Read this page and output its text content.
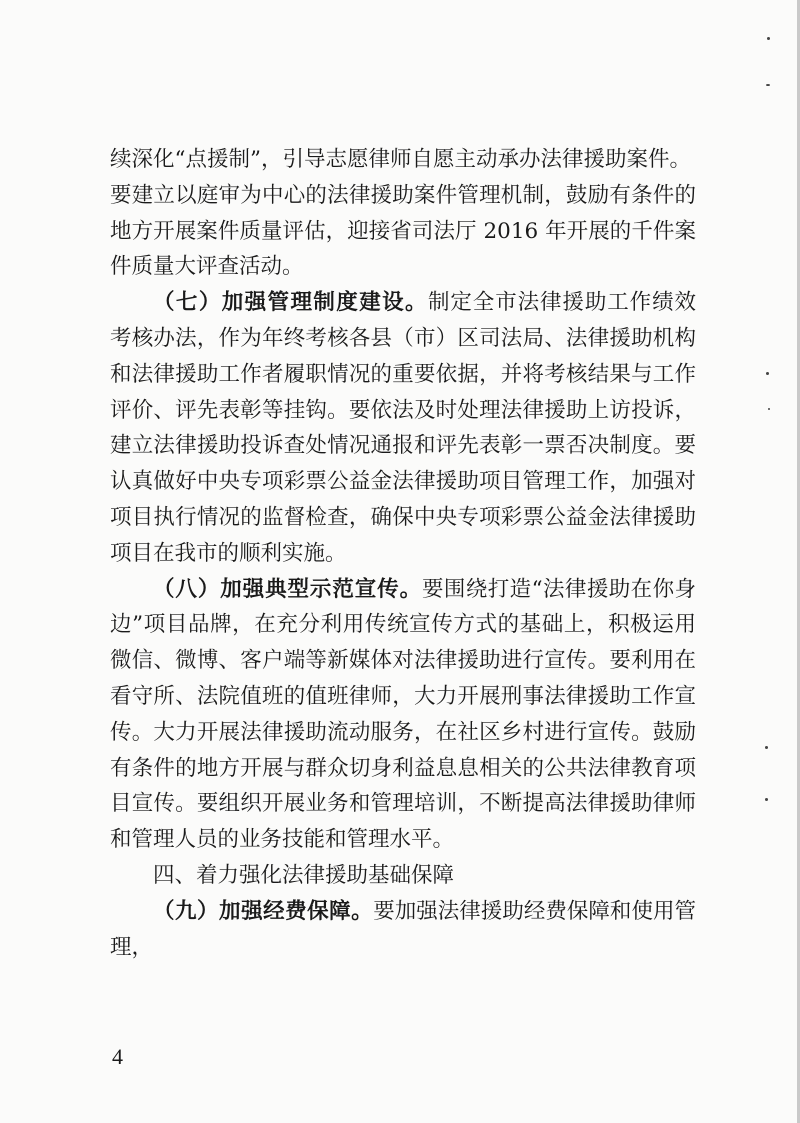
续深化“点援制”，引导志愿律师自愿主动承办法律援助案件。

要建立以庭审为中心的法律援助案件管理机制，鼓励有条件的地方开展案件质量评估，迎接省司法厅 2016 年开展的千件案件质量大评查活动。

（七）加强管理制度建设。制定全市法律援助工作绩效考核办法，作为年终考核各县（市）区司法局、法律援助机构和法律援助工作者履职情况的重要依据，并将考核结果与工作评价、评先表彰等挂钩。要依法及时处理法律援助上访投诉，建立法律援助投诉查处情况通报和评先表彰一票否决制度。要认真做好中央专项彩票公益金法律援助项目管理工作，加强对项目执行情况的监督检查，确保中央专项彩票公益金法律援助项目在我市的顺利实施。

（八）加强典型示范宣传。要围绕打造“法律援助在你身边”项目品牌，在充分利用传统宣传方式的基础上，积极运用微信、微博、客户端等新媒体对法律援助进行宣传。要利用在看守所、法院值班的值班律师，大力开展刑事法律援助工作宣传。大力开展法律援助流动服务，在社区乡村进行宣传。鼓励有条件的地方开展与群众切身利益息息相关的公共法律教育项目宣传。要组织开展业务和管理培训，不断提高法律援助律师和管理人员的业务技能和管理水平。

四、着力强化法律援助基础保障

（九）加强经费保障。要加强法律援助经费保障和使用管理，

4
